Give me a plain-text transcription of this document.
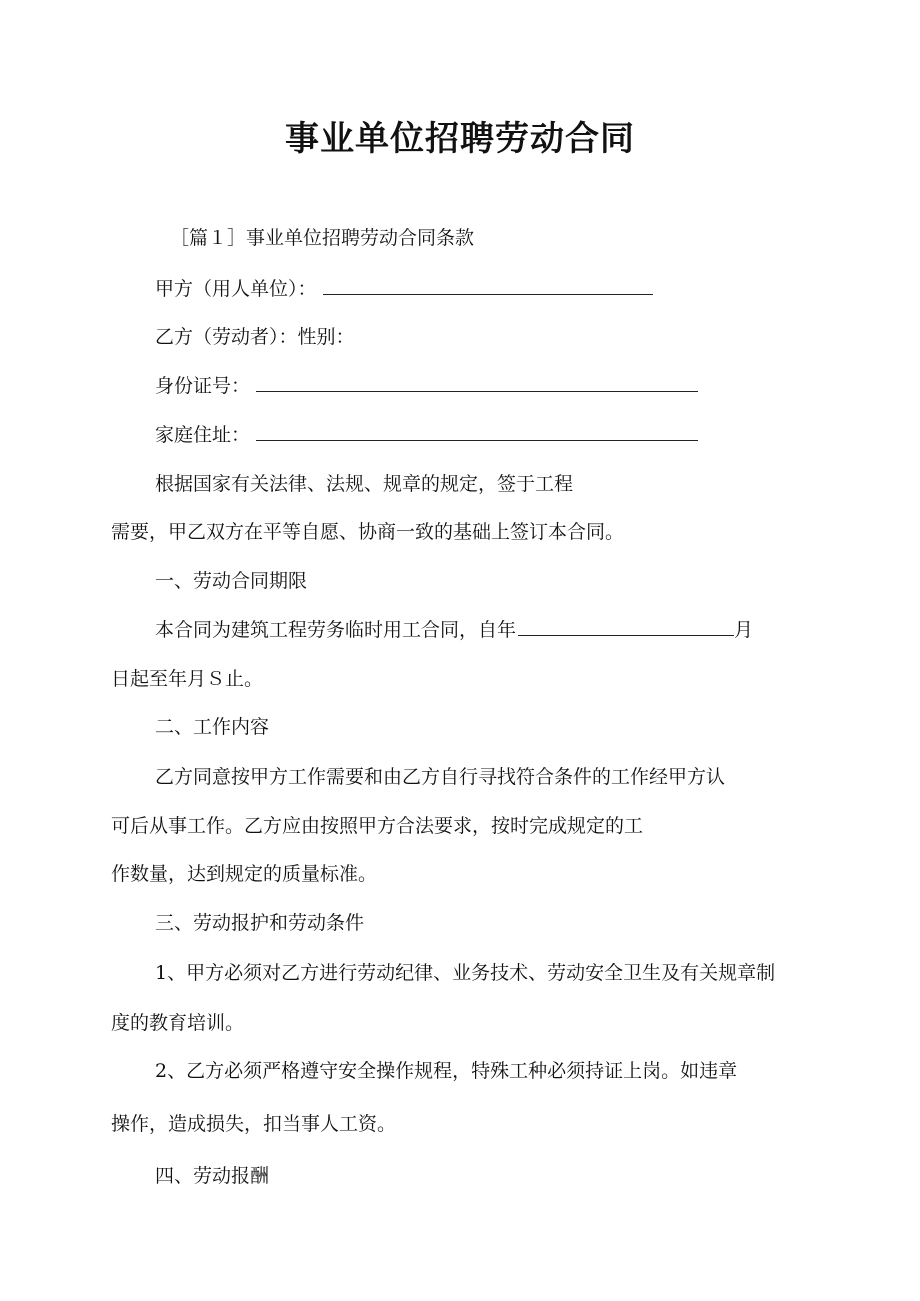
事业单位招聘劳动合同
［篇１］事业单位招聘劳动合同条款
甲方（用人单位）：
乙方（劳动者）：性别：
身份证号：
家庭住址：
根据国家有关法律、法规、规章的规定，签于工程
需要，甲乙双方在平等自愿、协商一致的基础上签订本合同。
一、劳动合同期限
本合同为建筑工程劳务临时用工合同，自年	月
日起至年月Ｓ止。
二、工作内容
乙方同意按甲方工作需要和由乙方自行寻找符合条件的工作经甲方认
可后从事工作。乙方应由按照甲方合法要求，按时完成规定的工
作数量，达到规定的质量标准。
三、劳动报护和劳动条件
1、甲方必须对乙方进行劳动纪律、业务技术、劳动安全卫生及有关规章制
度的教育培训。
2、乙方必须严格遵守安全操作规程，特殊工种必须持证上岗。如违章
操作，造成损失，扣当事人工资。
四、劳动报酬
